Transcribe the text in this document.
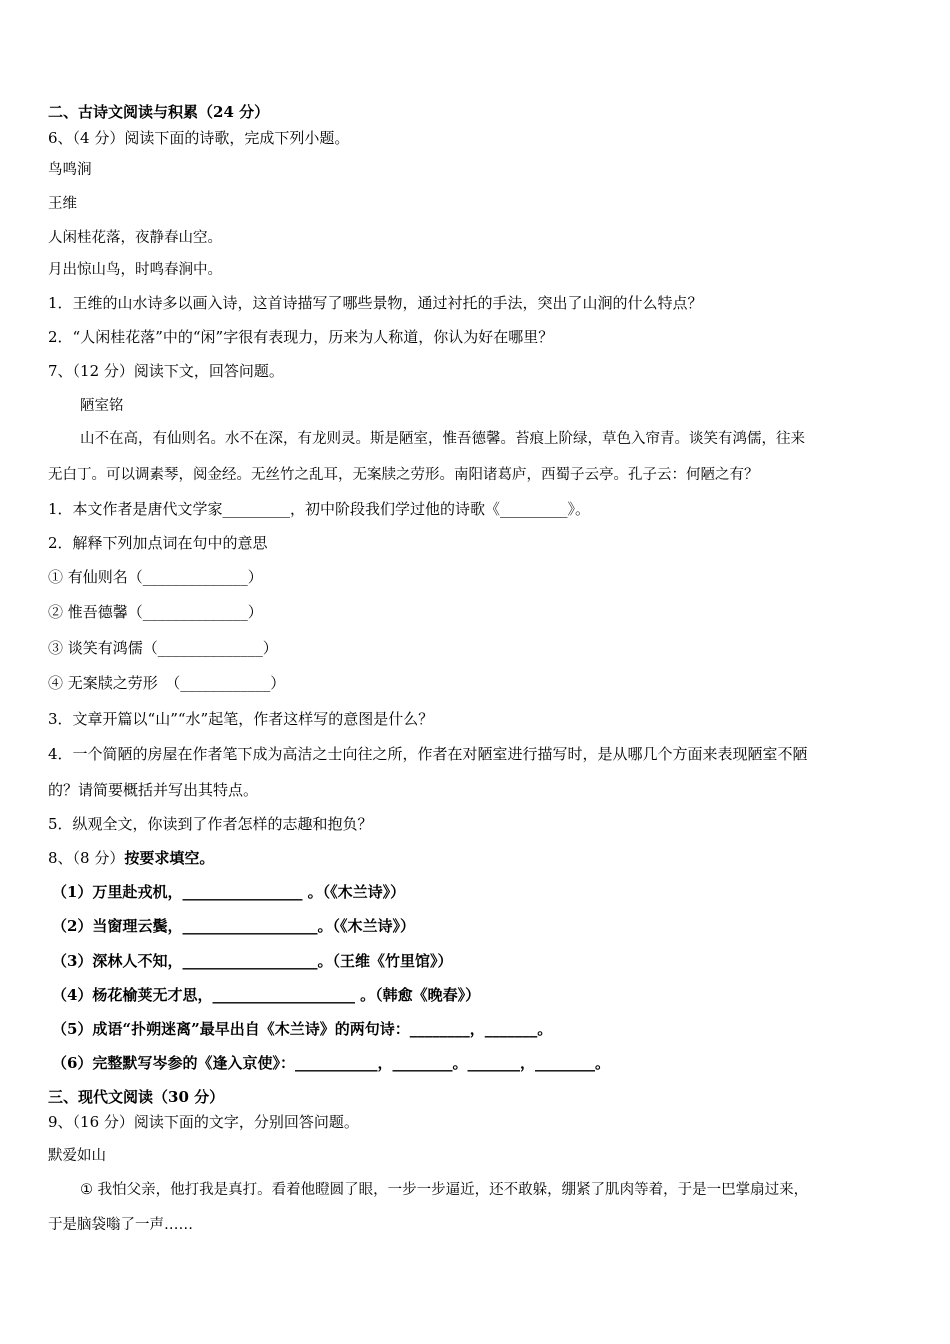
二、古诗文阅读与积累（24 分）
6、（4 分）阅读下面的诗歌，完成下列小题。
鸟鸣涧
王维
人闲桂花落，夜静春山空。
月出惊山鸟，时鸣春涧中。
1．王维的山水诗多以画入诗，这首诗描写了哪些景物，通过衬托的手法，突出了山涧的什么特点？
2．“人闲桂花落”中的“闲”字很有表现力，历来为人称道，你认为好在哪里？
7、（12 分）阅读下文，回答问题。
陋室铭
山不在高，有仙则名。水不在深，有龙则灵。斯是陋室，惟吾德馨。苔痕上阶绿，草色入帘青。谈笑有鸿儒，往来
无白丁。可以调素琴，阅金经。无丝竹之乱耳，无案牍之劳形。南阳诸葛庐，西蜀子云亭。孔子云：何陋之有？
1．本文作者是唐代文学家_________，初中阶段我们学过他的诗歌《_________》。
2．解释下列加点词在句中的意思
① 有仙则名（______________）
② 惟吾德馨（______________）
③ 谈笑有鸿儒（______________）
④ 无案牍之劳形　（____________）
3．文章开篇以“山”“水”起笔，作者这样写的意图是什么？
4．一个简陋的房屋在作者笔下成为高洁之士向往之所，作者在对陋室进行描写时，是从哪几个方面来表现陋室不陋
的？请简要概括并写出其特点。
5．纵观全文，你读到了作者怎样的志趣和抱负？
8、（8 分）按要求填空。
（1）万里赴戎机，________________ 。（《木兰诗》）
（2）当窗理云鬓，__________________。（《木兰诗》）
（3）深林人不知，__________________。（王维《竹里馆》）
（4）杨花榆荚无才思，___________________ 。（韩愈《晚春》）
（5）成语“扑朔迷离”最早出自《木兰诗》的两句诗：________，_______。
（6）完整默写岑参的《逢入京使》：___________，________。_______，________。
三、现代文阅读（30 分）
9、（16 分）阅读下面的文字，分别回答问题。
默爱如山
① 我怕父亲，他打我是真打。看着他瞪圆了眼，一步一步逼近，还不敢躲，绷紧了肌肉等着，于是一巴掌扇过来，
于是脑袋嗡了一声……
